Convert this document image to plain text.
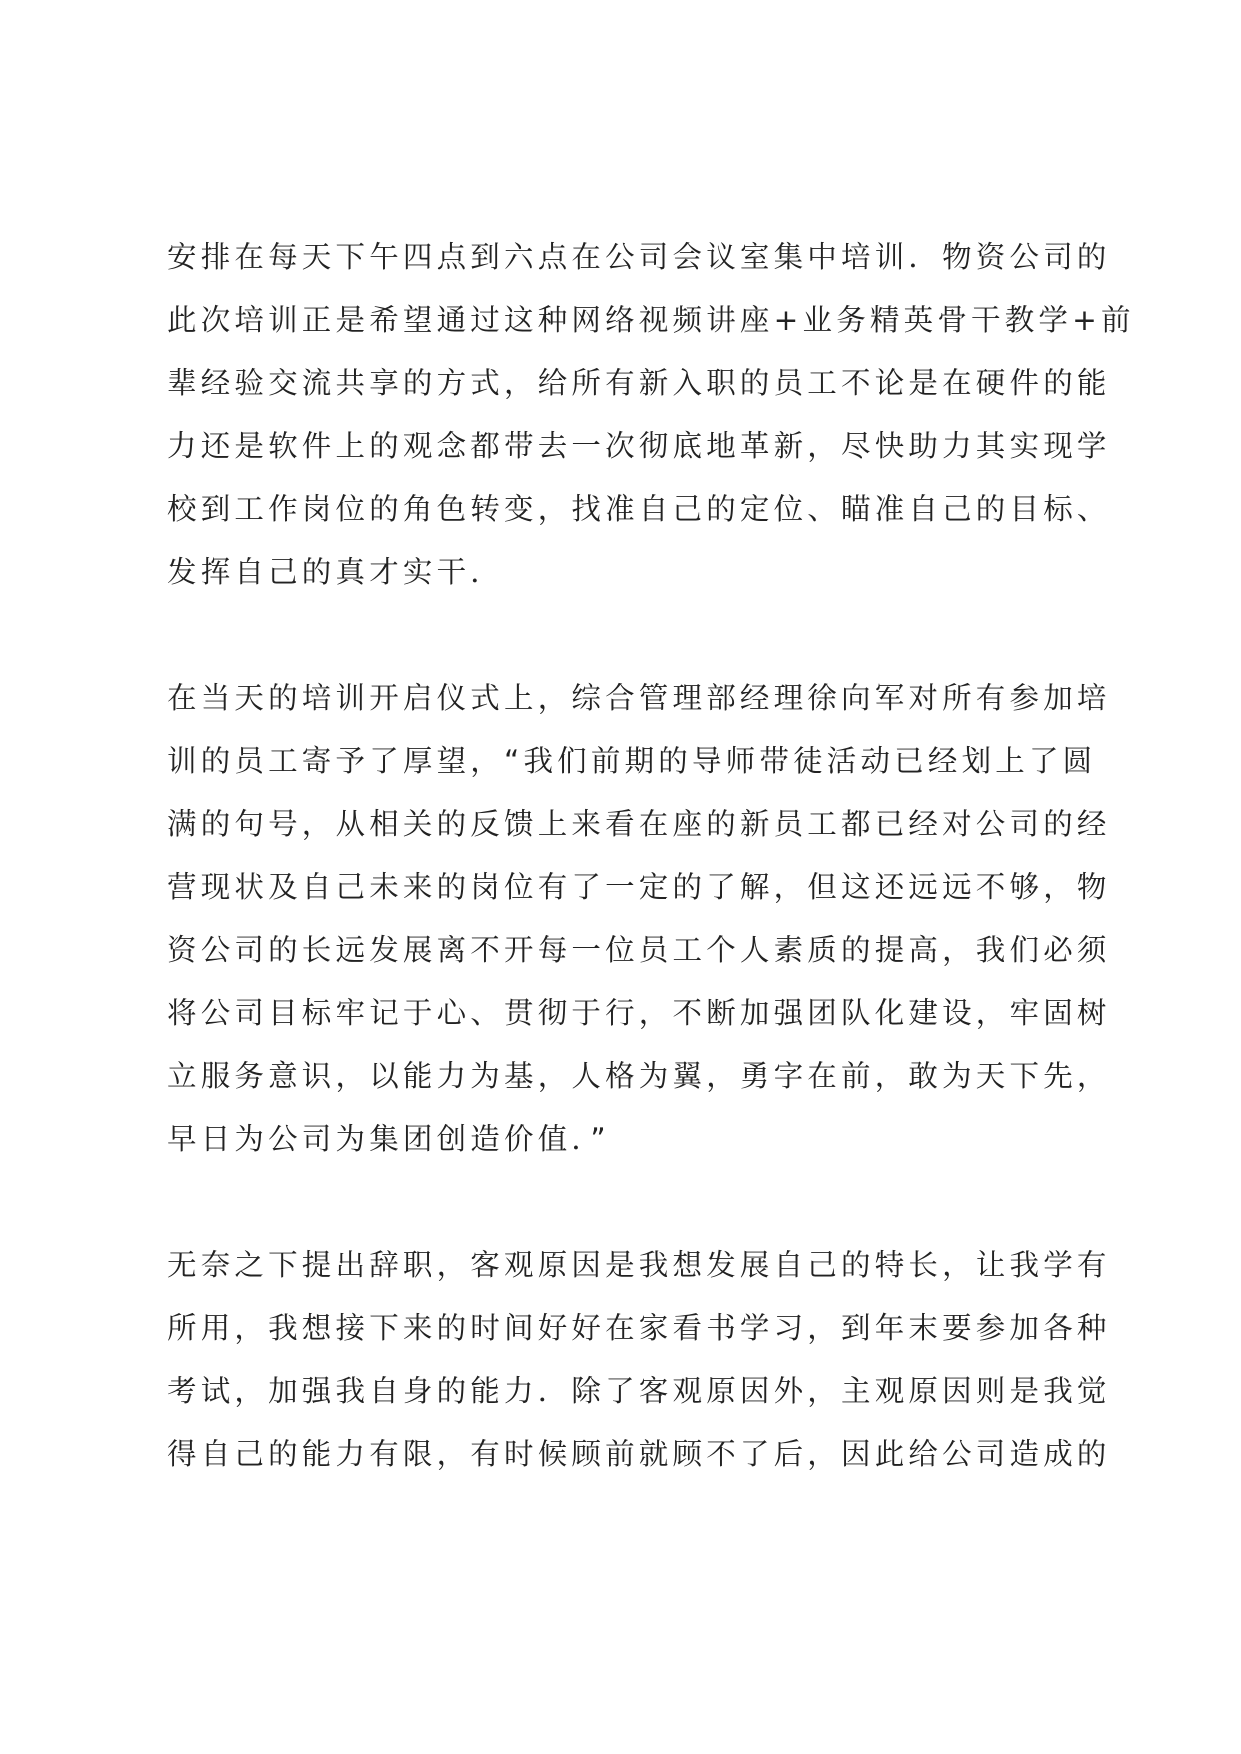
安排在每天下午四点到六点在公司会议室集中培训．物资公司的
此次培训正是希望通过这种网络视频讲座+业务精英骨干教学+前
辈经验交流共享的方式，给所有新入职的员工不论是在硬件的能
力还是软件上的观念都带去一次彻底地革新，尽快助力其实现学
校到工作岗位的角色转变，找准自己的定位、瞄准自己的目标、
发挥自己的真才实干．
在当天的培训开启仪式上，综合管理部经理徐向军对所有参加培
训的员工寄予了厚望，“我们前期的导师带徒活动已经划上了圆
满的句号，从相关的反馈上来看在座的新员工都已经对公司的经
营现状及自己未来的岗位有了一定的了解，但这还远远不够，物
资公司的长远发展离不开每一位员工个人素质的提高，我们必须
将公司目标牢记于心、贯彻于行，不断加强团队化建设，牢固树
立服务意识，以能力为基，人格为翼，勇字在前，敢为天下先，
早日为公司为集团创造价值．”
无奈之下提出辞职，客观原因是我想发展自己的特长，让我学有
所用，我想接下来的时间好好在家看书学习，到年末要参加各种
考试，加强我自身的能力．除了客观原因外，主观原因则是我觉
得自己的能力有限，有时候顾前就顾不了后，因此给公司造成的
